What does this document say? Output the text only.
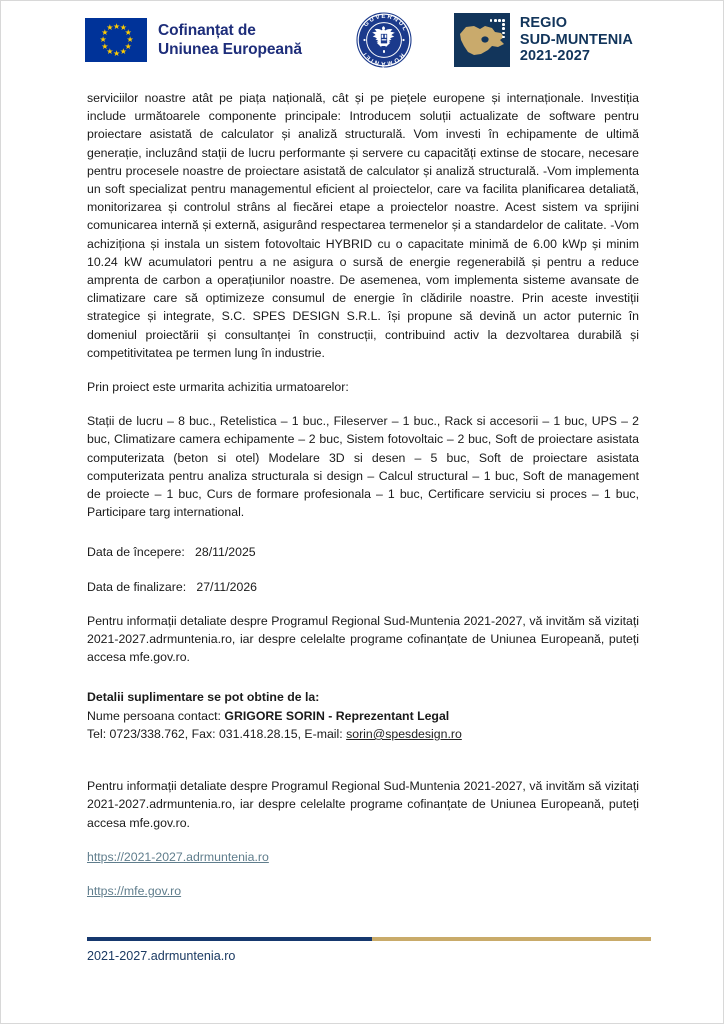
★ ★
★
★
★
★
★
★
★
★
★
★	Cofinanțat de
Uniunea Europeană
GUVERNUL
ROMÂNIEI
REGIO
SUD-MUNTENIA
2021-2027

serviciilor noastre atât pe piața națională, cât și pe piețele europene și internaționale. Investiția include următoarele componente principale: Introducem soluții actualizate de software pentru proiectare asistată de calculator și analiză structurală. Vom investi în echipamente de ultimă generație, incluzând stații de lucru performante și servere cu capacități extinse de stocare, necesare pentru procesele noastre de proiectare asistată de calculator și analiză structurală. -Vom implementa un soft specializat pentru managementul eficient al proiectelor, care va facilita planificarea detaliată, monitorizarea și controlul strâns al fiecărei etape a proiectelor noastre. Acest sistem va sprijini comunicarea internă și externă, asigurând respectarea termenelor și a standardelor de calitate. -Vom achiziționa și instala un sistem fotovoltaic HYBRID cu o capacitate minimă de 6.00 kWp și minim 10.24 kW acumulatori pentru a ne asigura o sursă de energie regenerabilă și pentru a reduce amprenta de carbon a operațiunilor noastre. De asemenea, vom implementa sisteme avansate de climatizare care să optimizeze consumul de energie în clădirile noastre. Prin aceste investiții strategice și integrate, S.C. SPES DESIGN S.R.L. își propune să devină un actor puternic în domeniul proiectării și consultanței în construcții, contribuind activ la dezvoltarea durabilă și competitivitatea pe termen lung în industrie.

Prin proiect este urmarita achizitia urmatoarelor:

Stații de lucru – 8 buc., Retelistica – 1 buc., Fileserver – 1 buc., Rack si accesorii – 1 buc, UPS – 2 buc, Climatizare camera echipamente – 2 buc, Sistem fotovoltaic – 2 buc, Soft de proiectare asistata computerizata (beton si otel) Modelare 3D si desen – 5 buc, Soft de proiectare asistata computerizata pentru analiza structurala si design – Calcul structural – 1 buc, Soft de management de proiecte – 1 buc, Curs de formare profesionala – 1 buc, Certificare serviciu si proces – 1 buc, Participare targ international.

Data de începere: 28/11/2025

Data de finalizare: 27/11/2026

Pentru informații detaliate despre Programul Regional Sud-Muntenia 2021-2027, vă invităm să vizitați 2021-2027.adrmuntenia.ro, iar despre celelalte programe cofinanțate de Uniunea Europeană, puteți accesa mfe.gov.ro.

Detalii suplimentare se pot obtine de la:

Nume persoana contact: GRIGORE SORIN - Reprezentant Legal

Tel: 0723/338.762, Fax: 031.418.28.15, E-mail: sorin@spesdesign.ro

Pentru informații detaliate despre Programul Regional Sud-Muntenia 2021-2027, vă invităm să vizitați 2021-2027.adrmuntenia.ro, iar despre celelalte programe cofinanțate de Uniunea Europeană, puteți accesa mfe.gov.ro.

https://2021-2027.adrmuntenia.ro

https://mfe.gov.ro

2021-2027.adrmuntenia.ro
